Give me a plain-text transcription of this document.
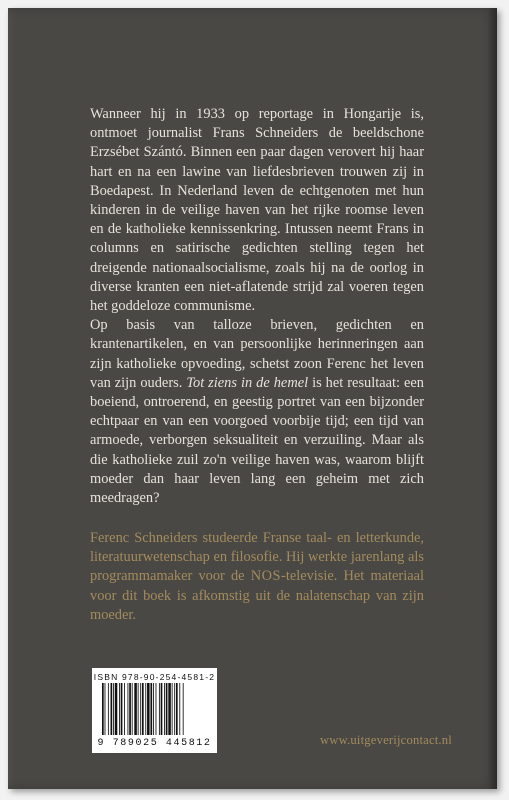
Wanneer hij in 1933 op reportage in Hongarije is, ontmoet journalist Frans Schneiders de beeldschone Erzsébet Szántó. Binnen een paar dagen verovert hij haar hart en na een lawine van liefdesbrieven trouwen zij in Boedapest. In Nederland leven de echtgenoten met hun kinderen in de veilige haven van het rijke roomse leven en de katholieke kennissenkring. Intussen neemt Frans in columns en satirische gedichten stelling tegen het dreigende nationaalsocialisme, zoals hij na de oorlog in diverse kranten een niet-aflatende strijd zal voeren tegen het goddeloze communisme.

Op basis van talloze brieven, gedichten en krantenartikelen, en van persoonlijke herinneringen aan zijn katholieke opvoeding, schetst zoon Ferenc het leven van zijn ouders. Tot ziens in de hemel is het resultaat: een boeiend, ontroerend, en geestig portret van een bijzonder echtpaar en van een voorgoed voorbije tijd; een tijd van armoede, verborgen seksualiteit en verzuiling. Maar als die katholieke zuil zo'n veilige haven was, waarom blijft moeder dan haar leven lang een geheim met zich meedragen?

Ferenc Schneiders studeerde Franse taal- en letterkunde, literatuurwetenschap en filosofie. Hij werkte jarenlang als programmamaker voor de NOS-televisie. Het materiaal voor dit boek is afkomstig uit de nalatenschap van zijn moeder.

ISBN 978-90-254-4581-2
9 789025 445812	www.uitgeverijcontact.nl
